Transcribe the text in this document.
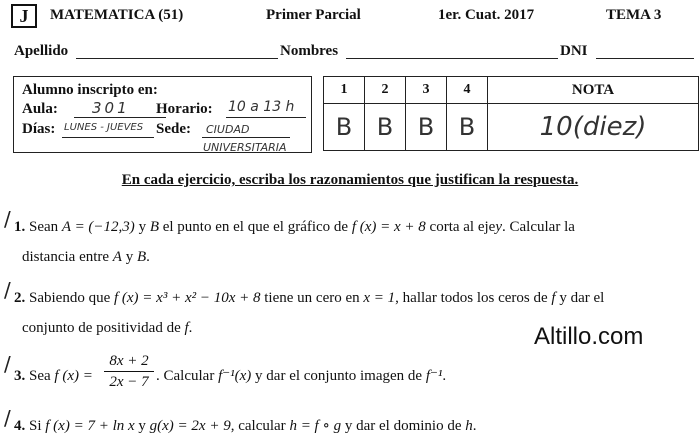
J	MATEMATICA (51)	Primer Parcial	1er. Cuat. 2017	TEMA 3
Apellido	Nombres	DNI
Alumno inscripto en:
Aula: 301 Horario: 10 a 13 h
Días: LUNES - JUEVES Sede: CIUDAD
UNIVERSITARIA
1	2	3	4	NOTA
B	B	B	B	10(diez)
En cada ejercicio, escriba los razonamientos que justifican la respuesta.
/ 1. Sean A = (−12,3) y B el punto en el que el gráfico de f (x) = x + 8 corta al ejey. Calcular la
distancia entre A y B.
/ 2. Sabiendo que f (x) = x³ + x² − 10x + 8 tiene un cero en x = 1, hallar todos los ceros de f y dar el
conjunto de positividad de f.	Altillo.com
/ 3. Sea f $(x) = \frac{8x + 2}{2x - 7}$ . Calcular f⁻¹(x) y dar el conjunto imagen de f⁻¹.
/ 4. Si f (x) = 7 + ln x y g(x) = 2x + 9, calcular h = f ∘ g y dar el dominio de h.
